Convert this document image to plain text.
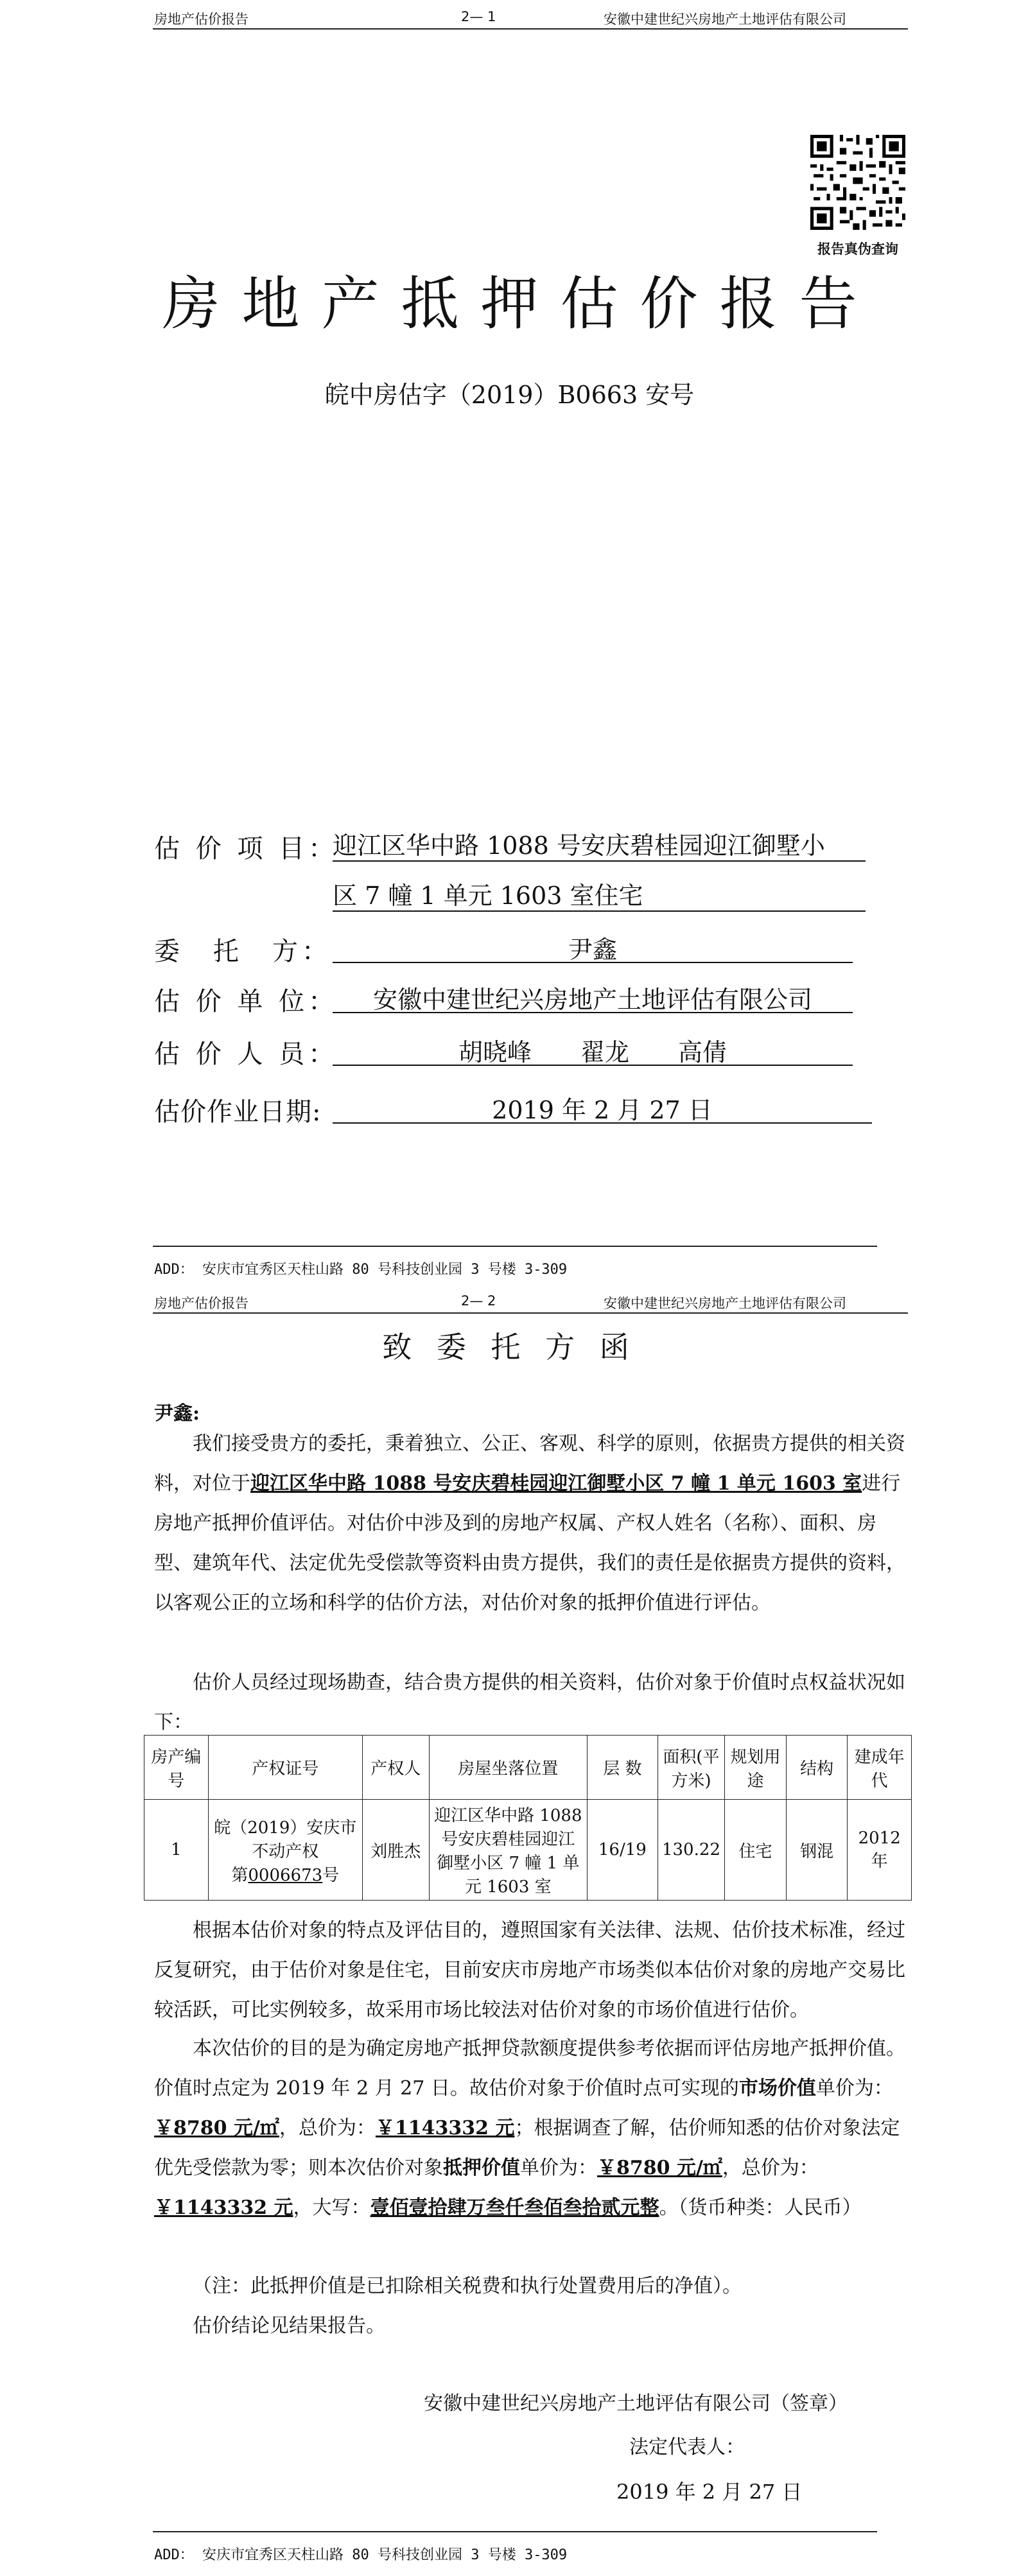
房地产估价报告	2— 1	安徽中建世纪兴房地产土地评估有限公司
报告真伪查询
房地产抵押估价报告
皖中房估字（2019）B0663 安号
估 价 项 目：
迎江区华中路 1088 号安庆碧桂园迎江御墅小
区 7 幢 1 单元 1603 室住宅
委　托　方：	尹鑫
估 价 单 位：	安徽中建世纪兴房地产土地评估有限公司
估 价 人 员：	胡晓峰　　翟龙　　高倩
估价作业日期:	2019 年 2 月 27 日
ADD： 安庆市宜秀区天柱山路 80 号科技创业园 3 号楼 3-309
房地产估价报告	2— 2	安徽中建世纪兴房地产土地评估有限公司
致 委 托 方 函
尹鑫:
我们接受贵方的委托，秉着独立、公正、客观、科学的原则，依据贵方提供的相关资料，对位于迎江区华中路 1088 号安庆碧桂园迎江御墅小区 7 幢 1 单元 1603 室进行房地产抵押价值评估。对估价中涉及到的房地产权属、产权人姓名（名称）、面积、房型、建筑年代、法定优先受偿款等资料由贵方提供，我们的责任是依据贵方提供的资料，以客观公正的立场和科学的估价方法，对估价对象的抵押价值进行评估。
估价人员经过现场勘查，结合贵方提供的相关资料，估价对象于价值时点权益状况如下：
房产编号	产权证号	产权人	房屋坐落位置	层 数	面积(平方米)	规划用途	结构	建成年代
1	皖（2019）安庆市
不动产权
第0006673号	刘胜杰	迎江区华中路 1088 号安庆碧桂园迎江御墅小区 7 幢 1 单元 1603 室	16/19	130.22	住宅	钢混	2012 年
根据本估价对象的特点及评估目的，遵照国家有关法律、法规、估价技术标准，经过反复研究，由于估价对象是住宅，目前安庆市房地产市场类似本估价对象的房地产交易比较活跃，可比实例较多，故采用市场比较法对估价对象的市场价值进行估价。
本次估价的目的是为确定房地产抵押贷款额度提供参考依据而评估房地产抵押价值。价值时点定为 2019 年 2 月 27 日。故估价对象于价值时点可实现的市场价值单价为：￥8780 元/㎡，总价为：￥1143332 元；根据调查了解，估价师知悉的估价对象法定优先受偿款为零；则本次估价对象抵押价值单价为：￥8780 元/㎡，总价为：￥1143332 元，大写：壹佰壹拾肆万叁仟叁佰叁拾贰元整。（货币种类：人民币）
（注：此抵押价值是已扣除相关税费和执行处置费用后的净值）。
估价结论见结果报告。
安徽中建世纪兴房地产土地评估有限公司（签章）
法定代表人：
2019 年 2 月 27 日
ADD： 安庆市宜秀区天柱山路 80 号科技创业园 3 号楼 3-309
